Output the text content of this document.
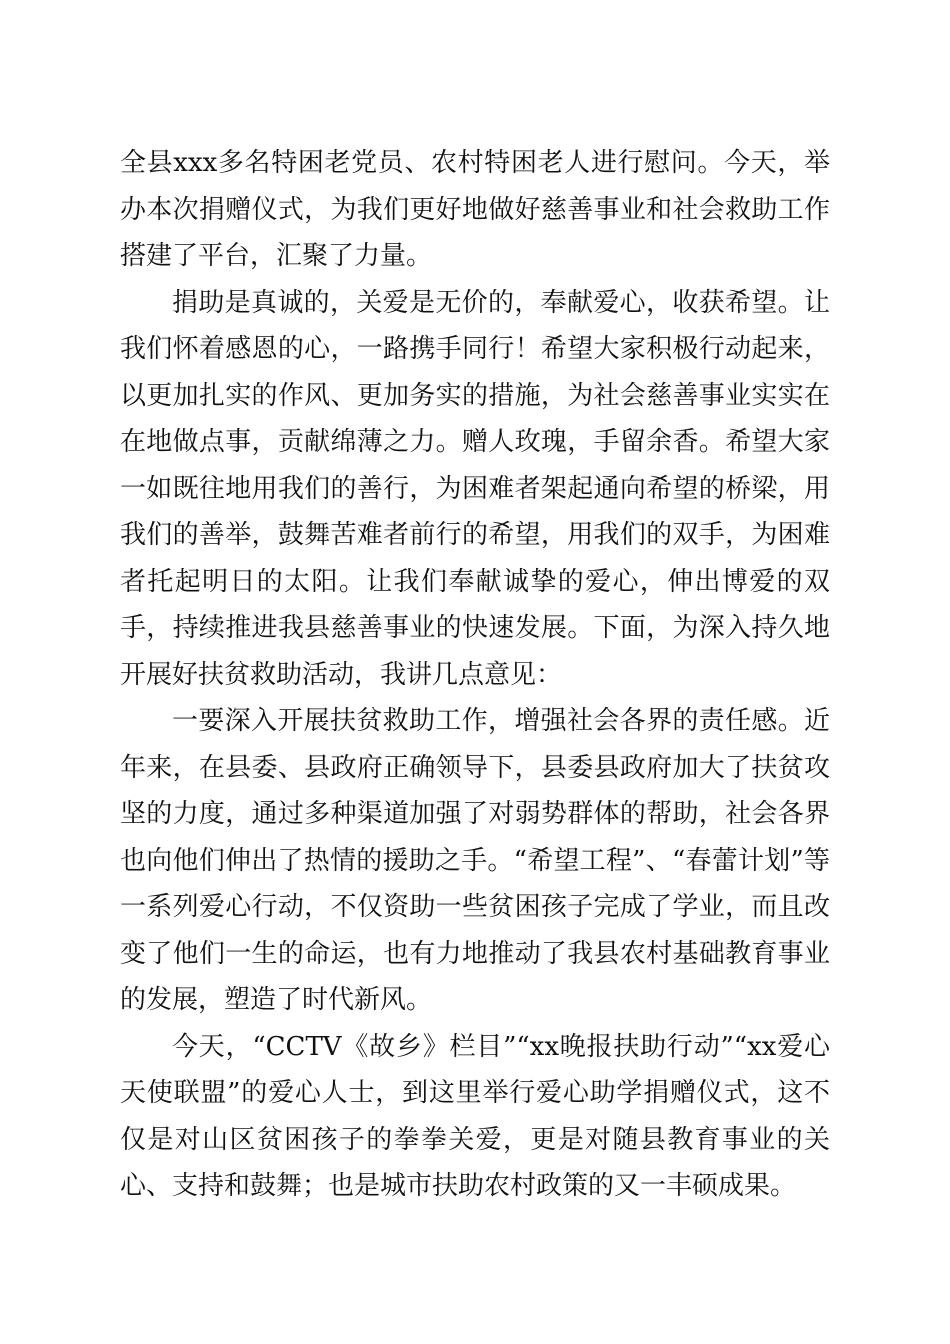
全县xxx多名特困老党员、农村特困老人进行慰问。今天，举办本次捐赠仪式，为我们更好地做好慈善事业和社会救助工作搭建了平台，汇聚了力量。

捐助是真诚的，关爱是无价的，奉献爱心，收获希望。让我们怀着感恩的心，一路携手同行！希望大家积极行动起来，以更加扎实的作风、更加务实的措施，为社会慈善事业实实在在地做点事，贡献绵薄之力。赠人玫瑰，手留余香。希望大家一如既往地用我们的善行，为困难者架起通向希望的桥梁，用我们的善举，鼓舞苦难者前行的希望，用我们的双手，为困难者托起明日的太阳。让我们奉献诚挚的爱心，伸出博爱的双手，持续推进我县慈善事业的快速发展。下面，为深入持久地开展好扶贫救助活动，我讲几点意见：

一要深入开展扶贫救助工作，增强社会各界的责任感。近年来，在县委、县政府正确领导下，县委县政府加大了扶贫攻坚的力度，通过多种渠道加强了对弱势群体的帮助，社会各界也向他们伸出了热情的援助之手。“希望工程”、“春蕾计划”等一系列爱心行动，不仅资助一些贫困孩子完成了学业，而且改变了他们一生的命运，也有力地推动了我县农村基础教育事业的发展，塑造了时代新风。

今天，“CCTV《故乡》栏目”“xx晚报扶助行动”“xx爱心天使联盟”的爱心人士，到这里举行爱心助学捐赠仪式，这不仅是对山区贫困孩子的拳拳关爱，更是对随县教育事业的关心、支持和鼓舞；也是城市扶助农村政策的又一丰硕成果。
